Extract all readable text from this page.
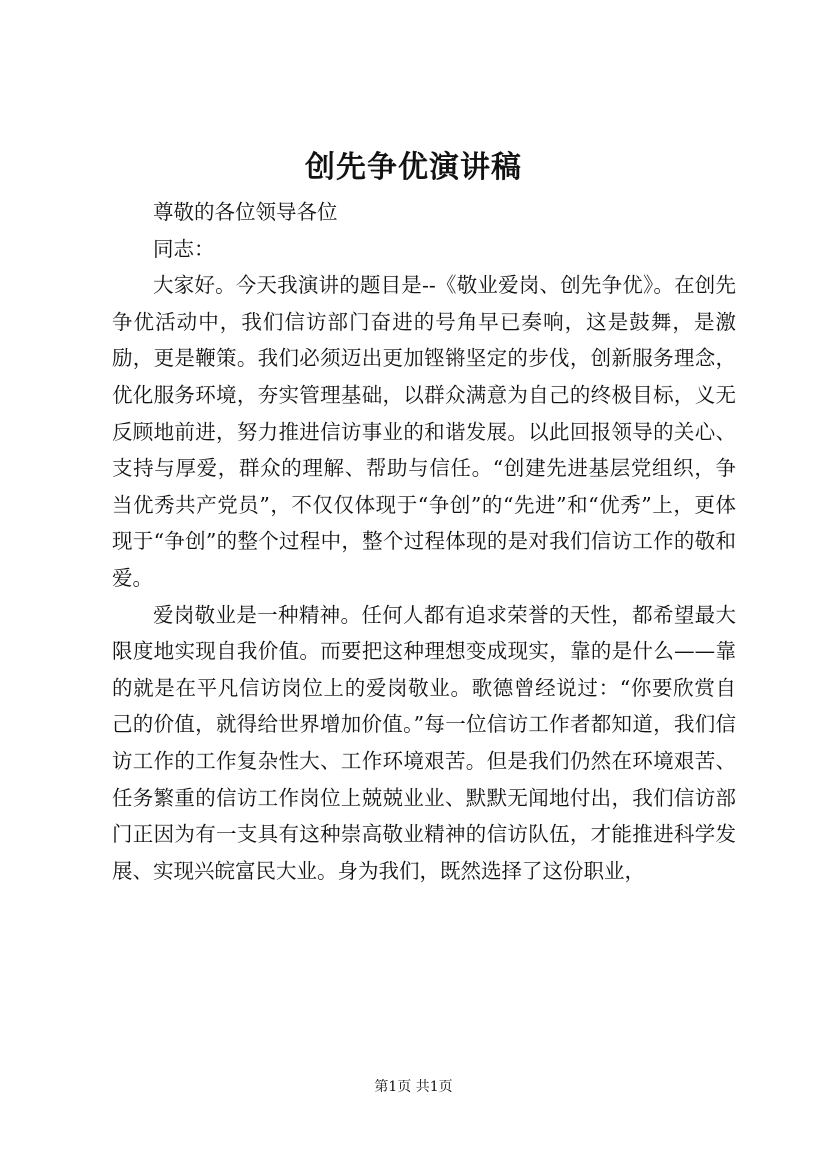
创先争优演讲稿

尊敬的各位领导各位

同志：

大家好。今天我演讲的题目是--《敬业爱岗、创先争优》。在创先争优活动中，我们信访部门奋进的号角早已奏响，这是鼓舞，是激励，更是鞭策。我们必须迈出更加铿锵坚定的步伐，创新服务理念，优化服务环境，夯实管理基础，以群众满意为自己的终极目标，义无反顾地前进，努力推进信访事业的和谐发展。以此回报领导的关心、支持与厚爱，群众的理解、帮助与信任。“创建先进基层党组织，争当优秀共产党员”，不仅仅体现于“争创”的“先进”和“优秀”上，更体现于“争创”的整个过程中，整个过程体现的是对我们信访工作的敬和爱。

爱岗敬业是一种精神。任何人都有追求荣誉的天性，都希望最大限度地实现自我价值。而要把这种理想变成现实，靠的是什么——靠的就是在平凡信访岗位上的爱岗敬业。歌德曾经说过：“你要欣赏自己的价值，就得给世界增加价值。”每一位信访工作者都知道，我们信访工作的工作复杂性大、工作环境艰苦。但是我们仍然在环境艰苦、任务繁重的信访工作岗位上兢兢业业、默默无闻地付出，我们信访部门正因为有一支具有这种崇高敬业精神的信访队伍，才能推进科学发展、实现兴皖富民大业。身为我们，既然选择了这份职业，

第1页 共1页
